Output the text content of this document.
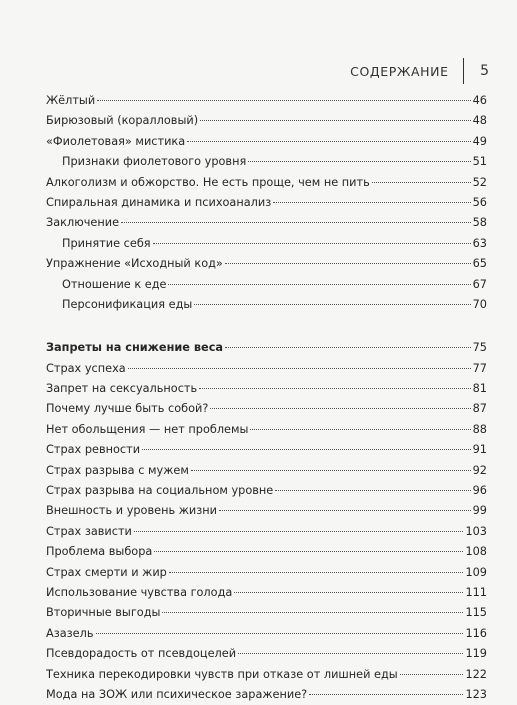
СОДЕРЖАНИЕ 5
Жёлтый	46
Бирюзовый (коралловый)	48
«Фиолетовая» мистика	49
Признаки фиолетового уровня	51
Алкоголизм и обжорство. Не есть проще, чем не пить	52
Спиральная динамика и психоанализ	56
Заключение	58
Принятие себя	63
Упражнение «Исходный код»	65
Отношение к еде	67
Персонификация еды	70
Запреты на снижение веса	75
Страх успеха	77
Запрет на сексуальность	81
Почему лучше быть собой?	87
Нет обольщения — нет проблемы	88
Страх ревности	91
Страх разрыва с мужем	92
Страх разрыва на социальном уровне	96
Внешность и уровень жизни	99
Страх зависти	103
Проблема выбора	108
Страх смерти и жир	109
Использование чувства голода	111
Вторичные выгоды	115
Азазель	116
Псевдорадость от псевдоцелей	119
Техника перекодировки чувств при отказе от лишней еды	122
Мода на ЗОЖ или психическое заражение?	123
